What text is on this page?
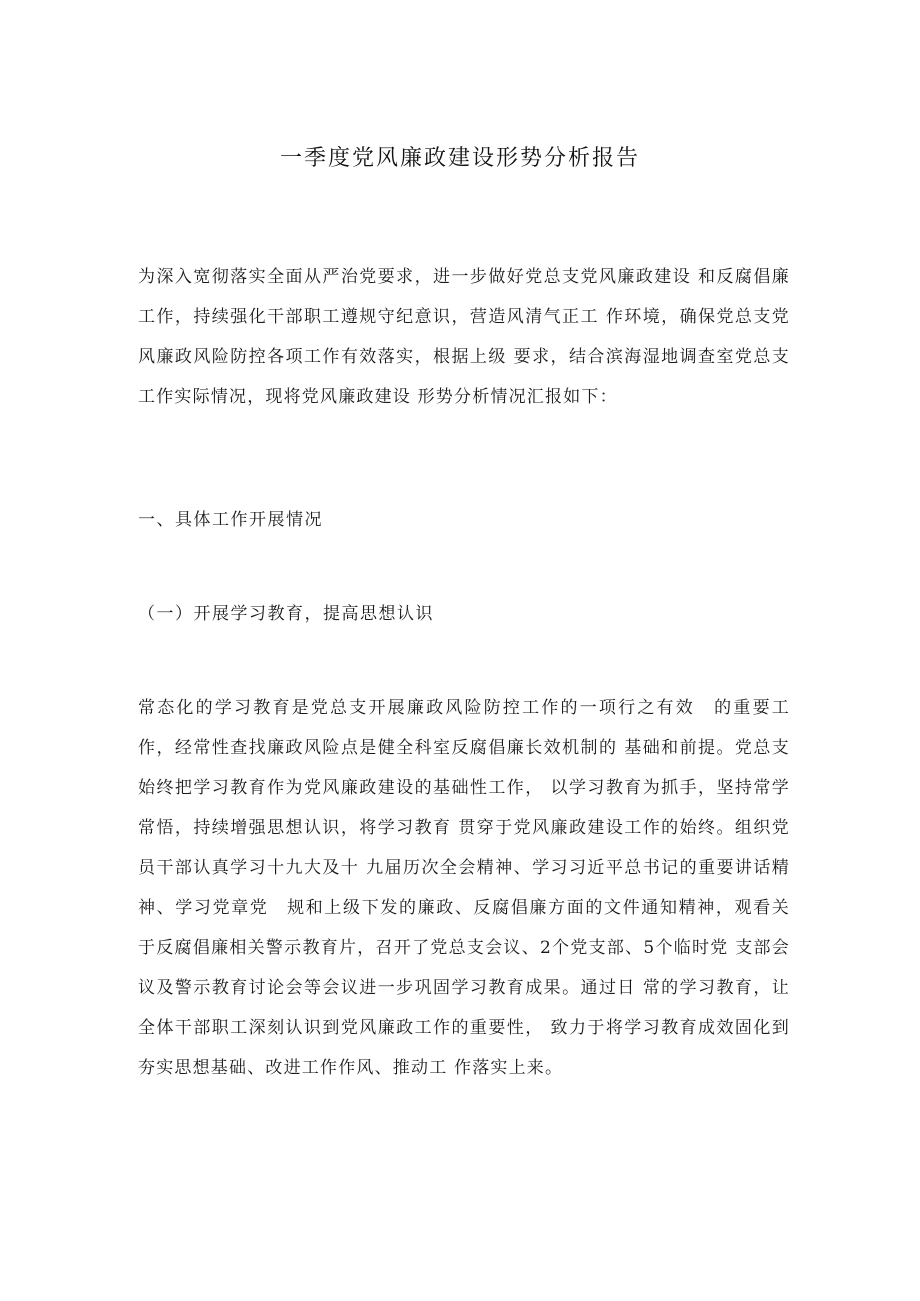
一季度党风廉政建设形势分析报告

为深入宽彻落实全面从严治党要求，进一步做好党总支党风廉政建设 和反腐倡廉工作，持续强化干部职工遵规守纪意识，营造风清气正工 作环境，确保党总支党风廉政风险防控各项工作有效落实，根据上级 要求，结合滨海湿地调查室党总支工作实际情况，现将党风廉政建设 形势分析情况汇报如下：

一、具体工作开展情况

（一）开展学习教育，提高思想认识

常态化的学习教育是党总支开展廉政风险防控工作的一项行之有效　的重要工作，经常性查找廉政风险点是健全科室反腐倡廉长效机制的 基础和前提。党总支始终把学习教育作为党风廉政建设的基础性工作， 以学习教育为抓手，坚持常学常悟，持续增强思想认识，将学习教育 贯穿于党风廉政建设工作的始终。组织党员干部认真学习十九大及十 九届历次全会精神、学习习近平总书记的重要讲话精神、学习党章党　规和上级下发的廉政、反腐倡廉方面的文件通知精神，观看关于反腐倡廉相关警示教育片，召开了党总支会议、2个党支部、5个临时党 支部会议及警示教育讨论会等会议进一步巩固学习教育成果。通过日 常的学习教育，让全体干部职工深刻认识到党风廉政工作的重要性， 致力于将学习教育成效固化到夯实思想基础、改进工作作风、推动工 作落实上来。
